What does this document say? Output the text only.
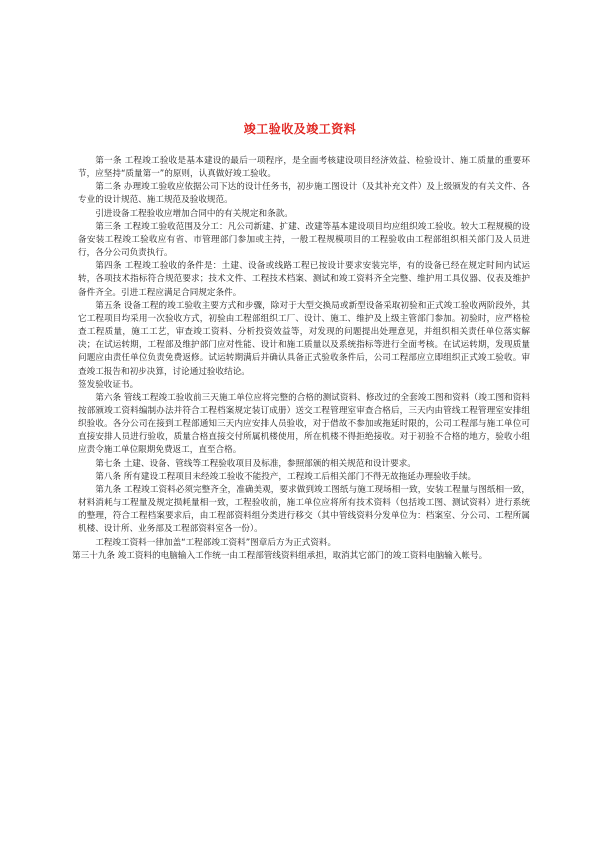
竣工验收及竣工资料

第一条 工程竣工验收是基本建设的最后一项程序，是全面考核建设项目经济效益、检验设计、施工质量的重要环节，应坚持“质量第一”的原则，认真做好竣工验收。

第二条 办理竣工验收应依据公司下达的设计任务书，初步施工图设计（及其补充文件）及上级颁发的有关文件、各专业的设计规范、施工规范及验收规范。

引进设备工程验收应增加合同中的有关规定和条款。

第三条 工程竣工验收范围及分工：凡公司新建、扩建、改建等基本建设项目均应组织竣工验收。较大工程规模的设备安装工程竣工验收应有省、市管理部门参加或主持，一般工程规模项目的工程验收由工程部组织相关部门及人员进行，各分公司负责执行。

第四条 工程竣工验收的条件是：土建、设备或线路工程已按设计要求安装完毕，有的设备已经在规定时间内试运转，各项技术指标符合规范要求；技术文件、工程技术档案、测试和竣工资料齐全完整、维护用工具仪器、仪表及维护备件齐全。引进工程应满足合同规定条件。

第五条 设备工程的竣工验收主要方式和步骤，除对于大型交换局或新型设备采取初验和正式竣工验收两阶段外，其它工程项目均采用一次验收方式，初验由工程部组织工厂、设计、施工、维护及上级主管部门参加。初验时，应严格检查工程质量，施工工艺，审查竣工资料、分析投资效益等，对发现的问题提出处理意见，并组织相关责任单位落实解决；在试运转期，工程部及维护部门应对性能、设计和施工质量以及系统指标等进行全面考核。在试运转期，发现质量问题应由责任单位负责免费返修。试运转期满后并确认具备正式验收条件后，公司工程部应立即组织正式竣工验收。审查竣工报告和初步决算，讨论通过验收结论。

签发验收证书。

第六条 管线工程竣工验收前三天施工单位应将完整的合格的测试资料、修改过的全套竣工图和资料（竣工图和资料按部颁竣工资料编制办法并符合工程档案规定装订成册）送交工程管理室审查合格后，三天内由管线工程管理室安排组织验收。各分公司在接到工程部通知三天内应安排人员验收，对于借故不参加或拖延时限的，公司工程部与施工单位可直接安排人员进行验收，质量合格直接交付所属机楼使用，所在机楼不得拒绝接收。对于初验不合格的地方，验收小组应责令施工单位限期免费返工，直至合格。

第七条 土建、设备、管线等工程验收项目及标准，参照部颁的相关规范和设计要求。

第八条 所有建设工程项目未经竣工验收不能投产，工程竣工后相关部门不得无故拖延办理验收手续。

第九条 工程竣工资料必须完整齐全，准确美观，要求做到竣工图纸与施工现场相一致，安装工程量与图纸相一致，材料消耗与工程量及规定损耗量相一致，工程验收前，施工单位应将所有技术资料（包括竣工图、测试资料）进行系统的整理，符合工程档案要求后，由工程部资料组分类进行移交（其中管线资料分发单位为：档案室、分公司、工程所属机楼、设计所、业务部及工程部资料室各一份）。

工程竣工资料一律加盖“工程部竣工资料”图章后方为正式资料。

第三十九条 竣工资料的电脑输入工作统一由工程部管线资料组承担，取消其它部门的竣工资料电脑输入帐号。
